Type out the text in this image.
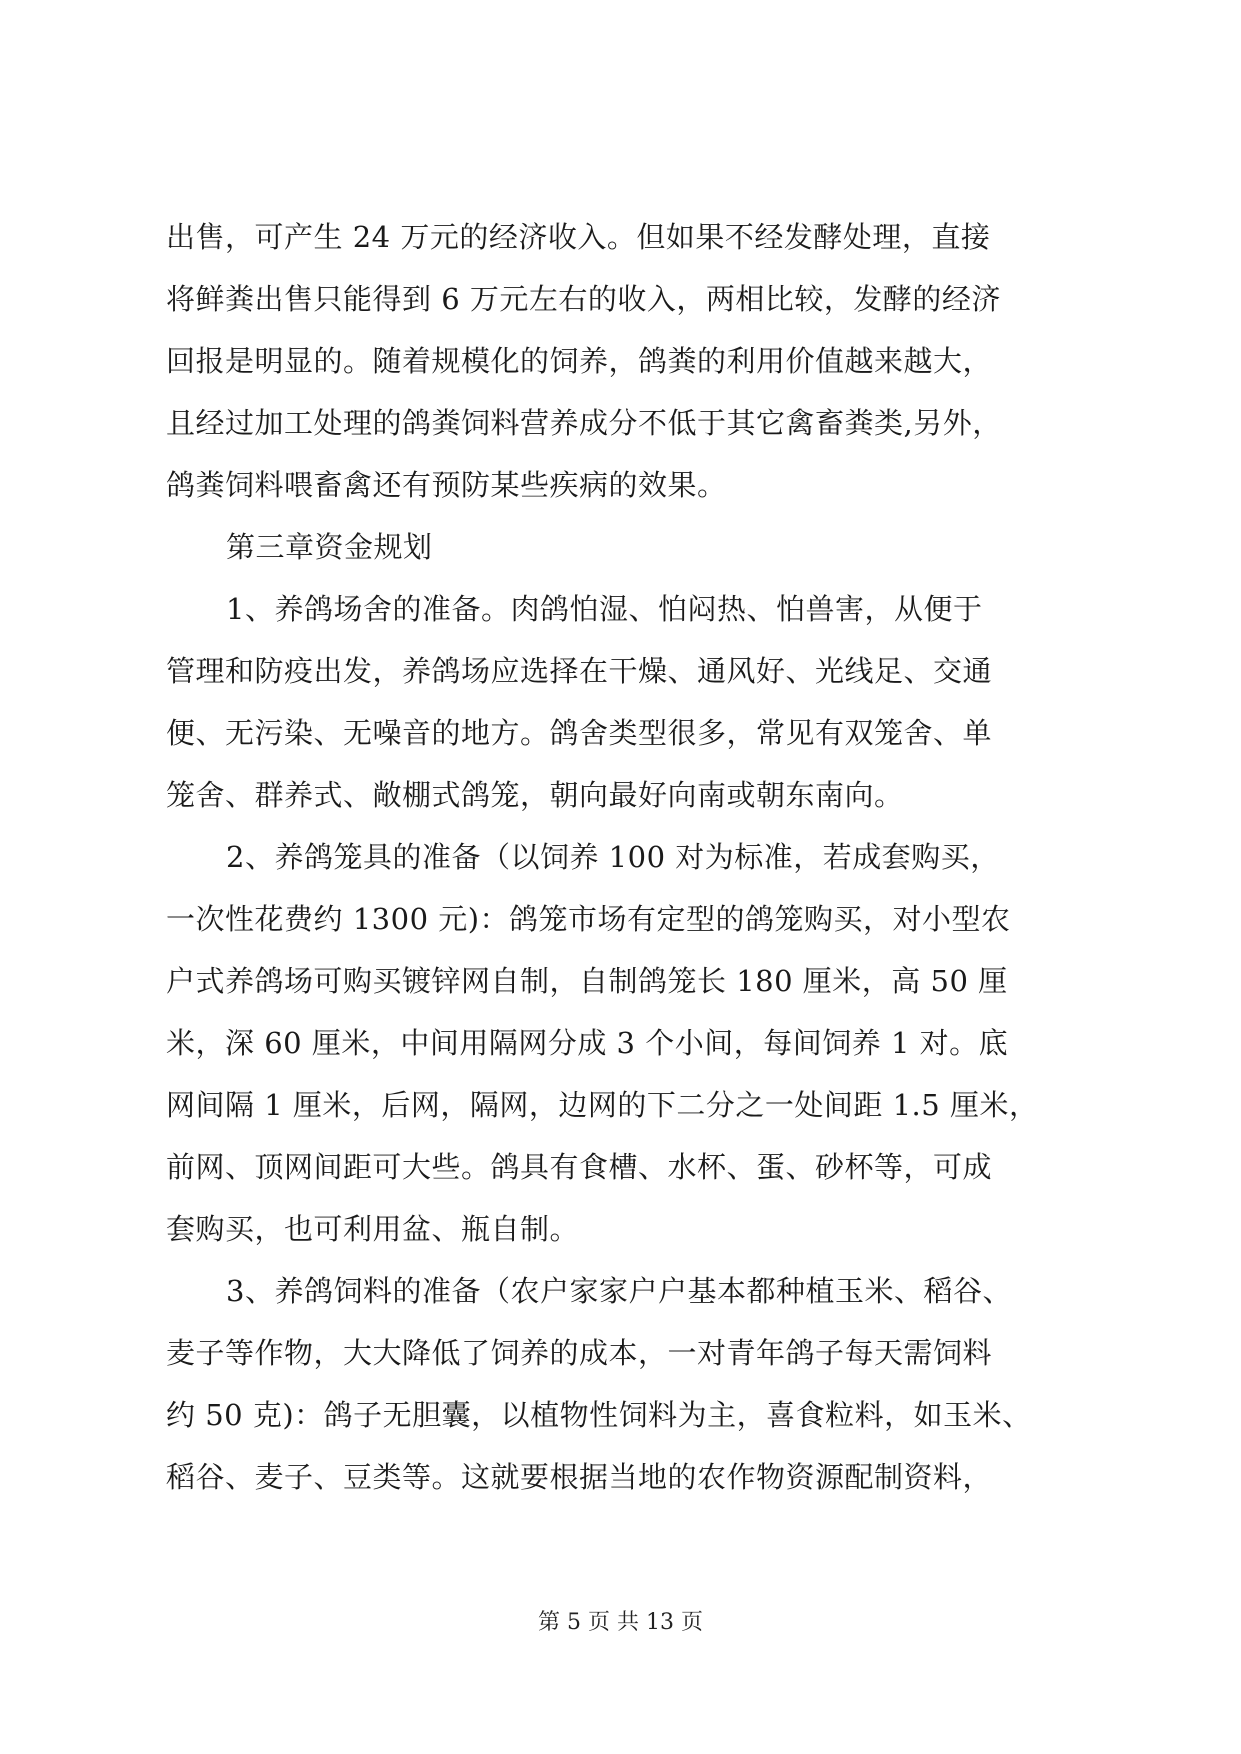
出售，可产生 24 万元的经济收入。但如果不经发酵处理，直接
将鲜粪出售只能得到 6 万元左右的收入，两相比较，发酵的经济
回报是明显的。随着规模化的饲养，鸽粪的利用价值越来越大，
且经过加工处理的鸽粪饲料营养成分不低于其它禽畜粪类,另外，
鸽粪饲料喂畜禽还有预防某些疾病的效果。
第三章资金规划
1、养鸽场舍的准备。肉鸽怕湿、怕闷热、怕兽害，从便于
管理和防疫出发，养鸽场应选择在干燥、通风好、光线足、交通
便、无污染、无噪音的地方。鸽舍类型很多，常见有双笼舍、单
笼舍、群养式、敞棚式鸽笼，朝向最好向南或朝东南向。
2、养鸽笼具的准备（以饲养 100 对为标准，若成套购买，
一次性花费约 1300 元)：鸽笼市场有定型的鸽笼购买，对小型农
户式养鸽场可购买镀锌网自制，自制鸽笼长 180 厘米，高 50 厘
米，深 60 厘米，中间用隔网分成 3 个小间，每间饲养 1 对。底
网间隔 1 厘米，后网，隔网，边网的下二分之一处间距 1.5 厘米，
前网、顶网间距可大些。鸽具有食槽、水杯、蛋、砂杯等，可成
套购买，也可利用盆、瓶自制。
3、养鸽饲料的准备（农户家家户户基本都种植玉米、稻谷、
麦子等作物，大大降低了饲养的成本，一对青年鸽子每天需饲料
约 50 克)：鸽子无胆囊，以植物性饲料为主，喜食粒料，如玉米、
稻谷、麦子、豆类等。这就要根据当地的农作物资源配制资料，
第 5 页 共 13 页
